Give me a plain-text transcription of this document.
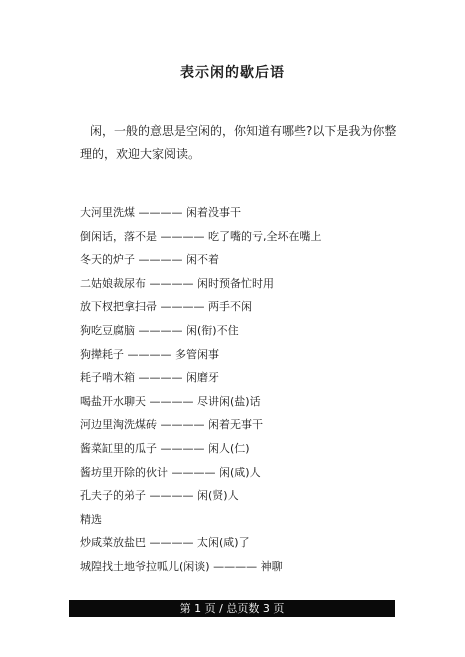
表示闲的歇后语

闲，一般的意思是空闲的，你知道有哪些?以下是我为你整理的，欢迎大家阅读。

大河里洗煤 ———— 闲着没事干
倒闲话，落不是 ———— 吃了嘴的亏,全坏在嘴上
冬天的炉子 ———— 闲不着
二姑娘裁尿布 ———— 闲时预备忙时用
放下杈把拿扫帚 ———— 两手不闲
狗吃豆腐脑 ———— 闲(衔)不住
狗撵耗子 ———— 多管闲事
耗子啃木箱 ———— 闲磨牙
喝盐开水聊天 ———— 尽讲闲(盐)话
河边里淘洗煤砖 ———— 闲着无事干
酱菜缸里的瓜子 ———— 闲人(仁)
酱坊里开除的伙计 ———— 闲(咸)人
孔夫子的弟子 ———— 闲(贤)人
精选
炒咸菜放盐巴 ———— 太闲(咸)了
城隍找土地爷拉呱儿(闲谈) ———— 神聊
第 1 页 / 总页数 3 页
